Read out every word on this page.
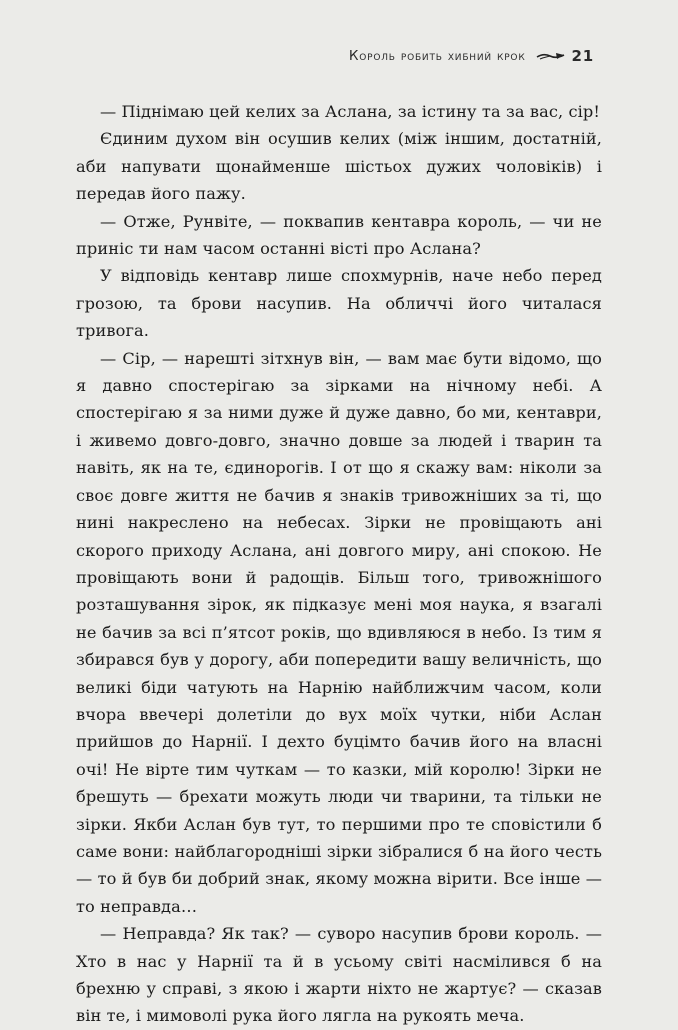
Король робить хибний крок	21

— Піднімаю цей келих за Аслана, за істину та за вас, сір!

Єдиним духом він осушив келих (між іншим, достатній, аби напувати щонайменше шістьох дужих чоловіків) і передав його пажу.

— Отже, Рунвіте, — поквапив кентавра король, — чи не приніс ти нам часом останні вісті про Аслана?

У відповідь кентавр лише спохмурнів, наче небо перед грозою, та брови насупив. На обличчі його читалася тривога.

— Сір, — нарешті зітхнув він, — вам має бути відомо, що я давно спостерігаю за зірками на нічному небі. А спостерігаю я за ними дуже й дуже давно, бо ми, кентаври, і живемо довго-довго, значно довше за людей і тварин та навіть, як на те, єдинорогів. І от що я скажу вам: ніколи за своє довге життя не бачив я знаків тривожніших за ті, що нині накреслено на небесах. Зірки не провіщають ані скорого приходу Аслана, ані довгого миру, ані спокою. Не провіщають вони й радощів. Більш того, тривожнішого розташування зірок, як підказує мені моя наука, я взагалі не бачив за всі п’ятсот років, що вдивляюся в небо. Із тим я збирався був у дорогу, аби попередити вашу величність, що великі біди чатують на Нарнію найближчим часом, коли вчора ввечері долетіли до вух моїх чутки, ніби Аслан прийшов до Нарнії. І дехто буцімто бачив його на власні очі! Не вірте тим чуткам — то казки, мій королю! Зірки не брешуть — брехати можуть люди чи тварини, та тільки не зірки. Якби Аслан був тут, то першими про те сповістили б саме вони: найблагороднішi зірки зібралися б на його честь — то й був би добрий знак, якому можна вірити. Все інше — то неправда…

— Неправда? Як так? — суворо насупив брови король. — Хто в нас у Нарнії та й в усьому світі насмілився б на брехню у справі, з якою і жарти ніхто не жартує? — сказав він те, і мимоволі рука його лягла на рукоять меча.
